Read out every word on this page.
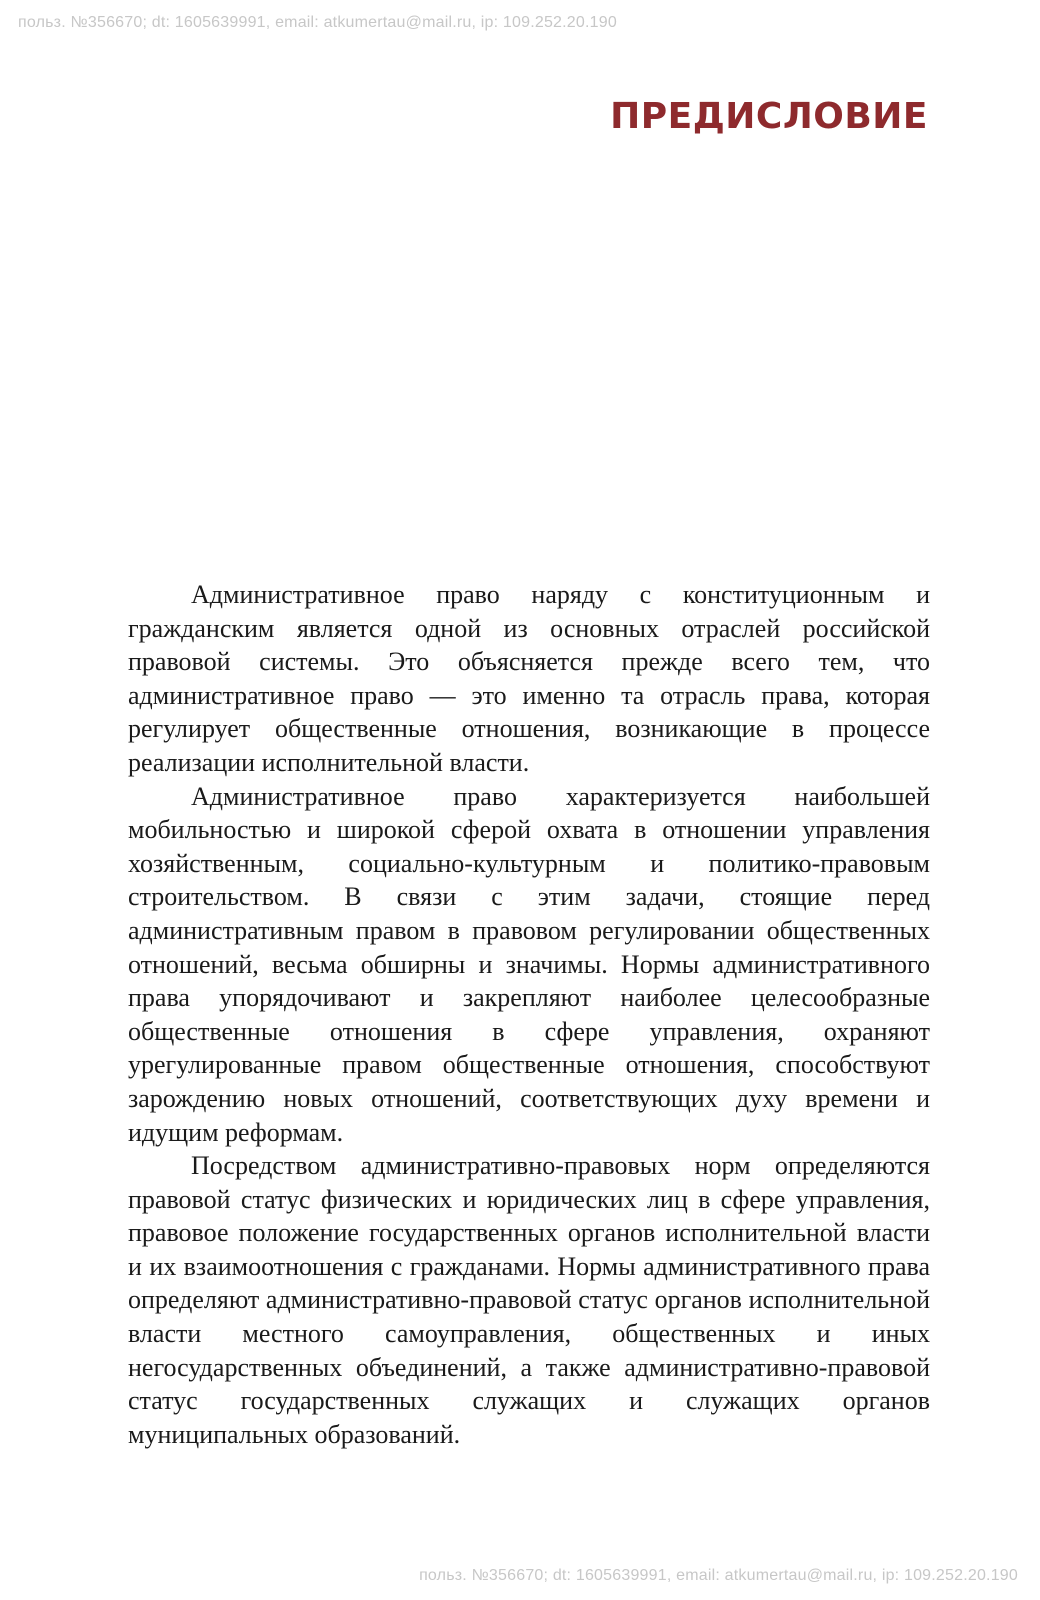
польз. №356670; dt: 1605639991, email: atkumertau@mail.ru, ip: 109.252.20.190
ПРЕДИСЛОВИЕ

Административное право наряду с конституционным и гражданским является одной из основных отраслей российской правовой системы. Это объясняется прежде всего тем, что административное право — это именно та отрасль права, которая регулирует общественные отношения, возникающие в процессе реализации исполнительной власти.

Административное право характеризуется наибольшей мобильностью и широкой сферой охвата в отношении управления хозяйственным, социально-культурным и политико-правовым строительством. В связи с этим задачи, стоящие перед административным правом в правовом регулировании общественных отношений, весьма обширны и значимы. Нормы административного права упорядочивают и закрепляют наиболее целесообразные общественные отношения в сфере управления, охраняют урегулированные правом общественные отношения, способствуют зарождению новых отношений, соответствующих духу времени и идущим реформам.

Посредством административно-правовых норм определяются правовой статус физических и юридических лиц в сфере управления, правовое положение государственных органов исполнительной власти и их взаимоотношения с гражданами. Нормы административного права определяют административно-правовой статус органов исполнительной власти местного самоуправления, общественных и иных негосударственных объединений, а также административно-правовой статус государственных служащих и служащих органов муниципальных образований.

польз. №356670; dt: 1605639991, email: atkumertau@mail.ru, ip: 109.252.20.190
